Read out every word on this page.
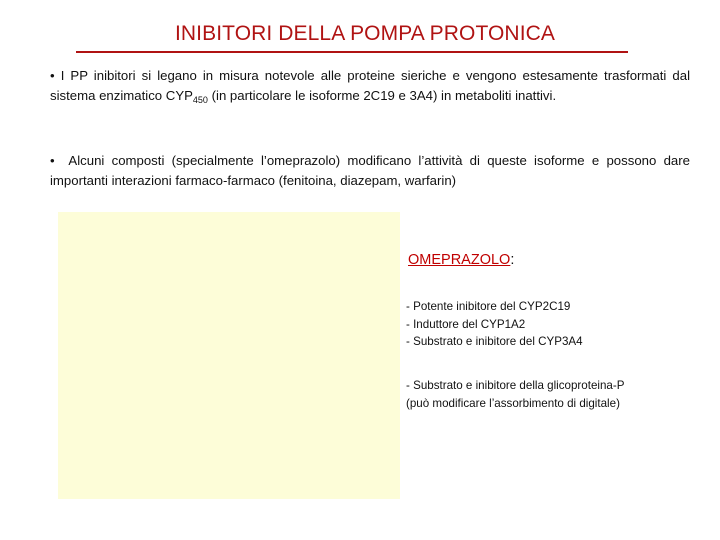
INIBITORI DELLA POMPA PROTONICA
• I PP inibitori si legano in misura notevole alle proteine sieriche e vengono estesamente trasformati dal sistema enzimatico $CYP_{450}$ (in particolare le isoforme 2C19 e 3A4) in metaboliti inattivi.
• Alcuni composti (specialmente l’omeprazolo) modificano l’attività di queste isoforme e possono dare importanti interazioni farmaco-farmaco (fenitoina, diazepam, warfarin)
OMEPRAZOLO:
- Potente inibitore del CYP2C19
- Induttore del CYP1A2
- Substrato e inibitore del CYP3A4
- Substrato e inibitore della glicoproteina-P
(può modificare l’assorbimento di digitale)
